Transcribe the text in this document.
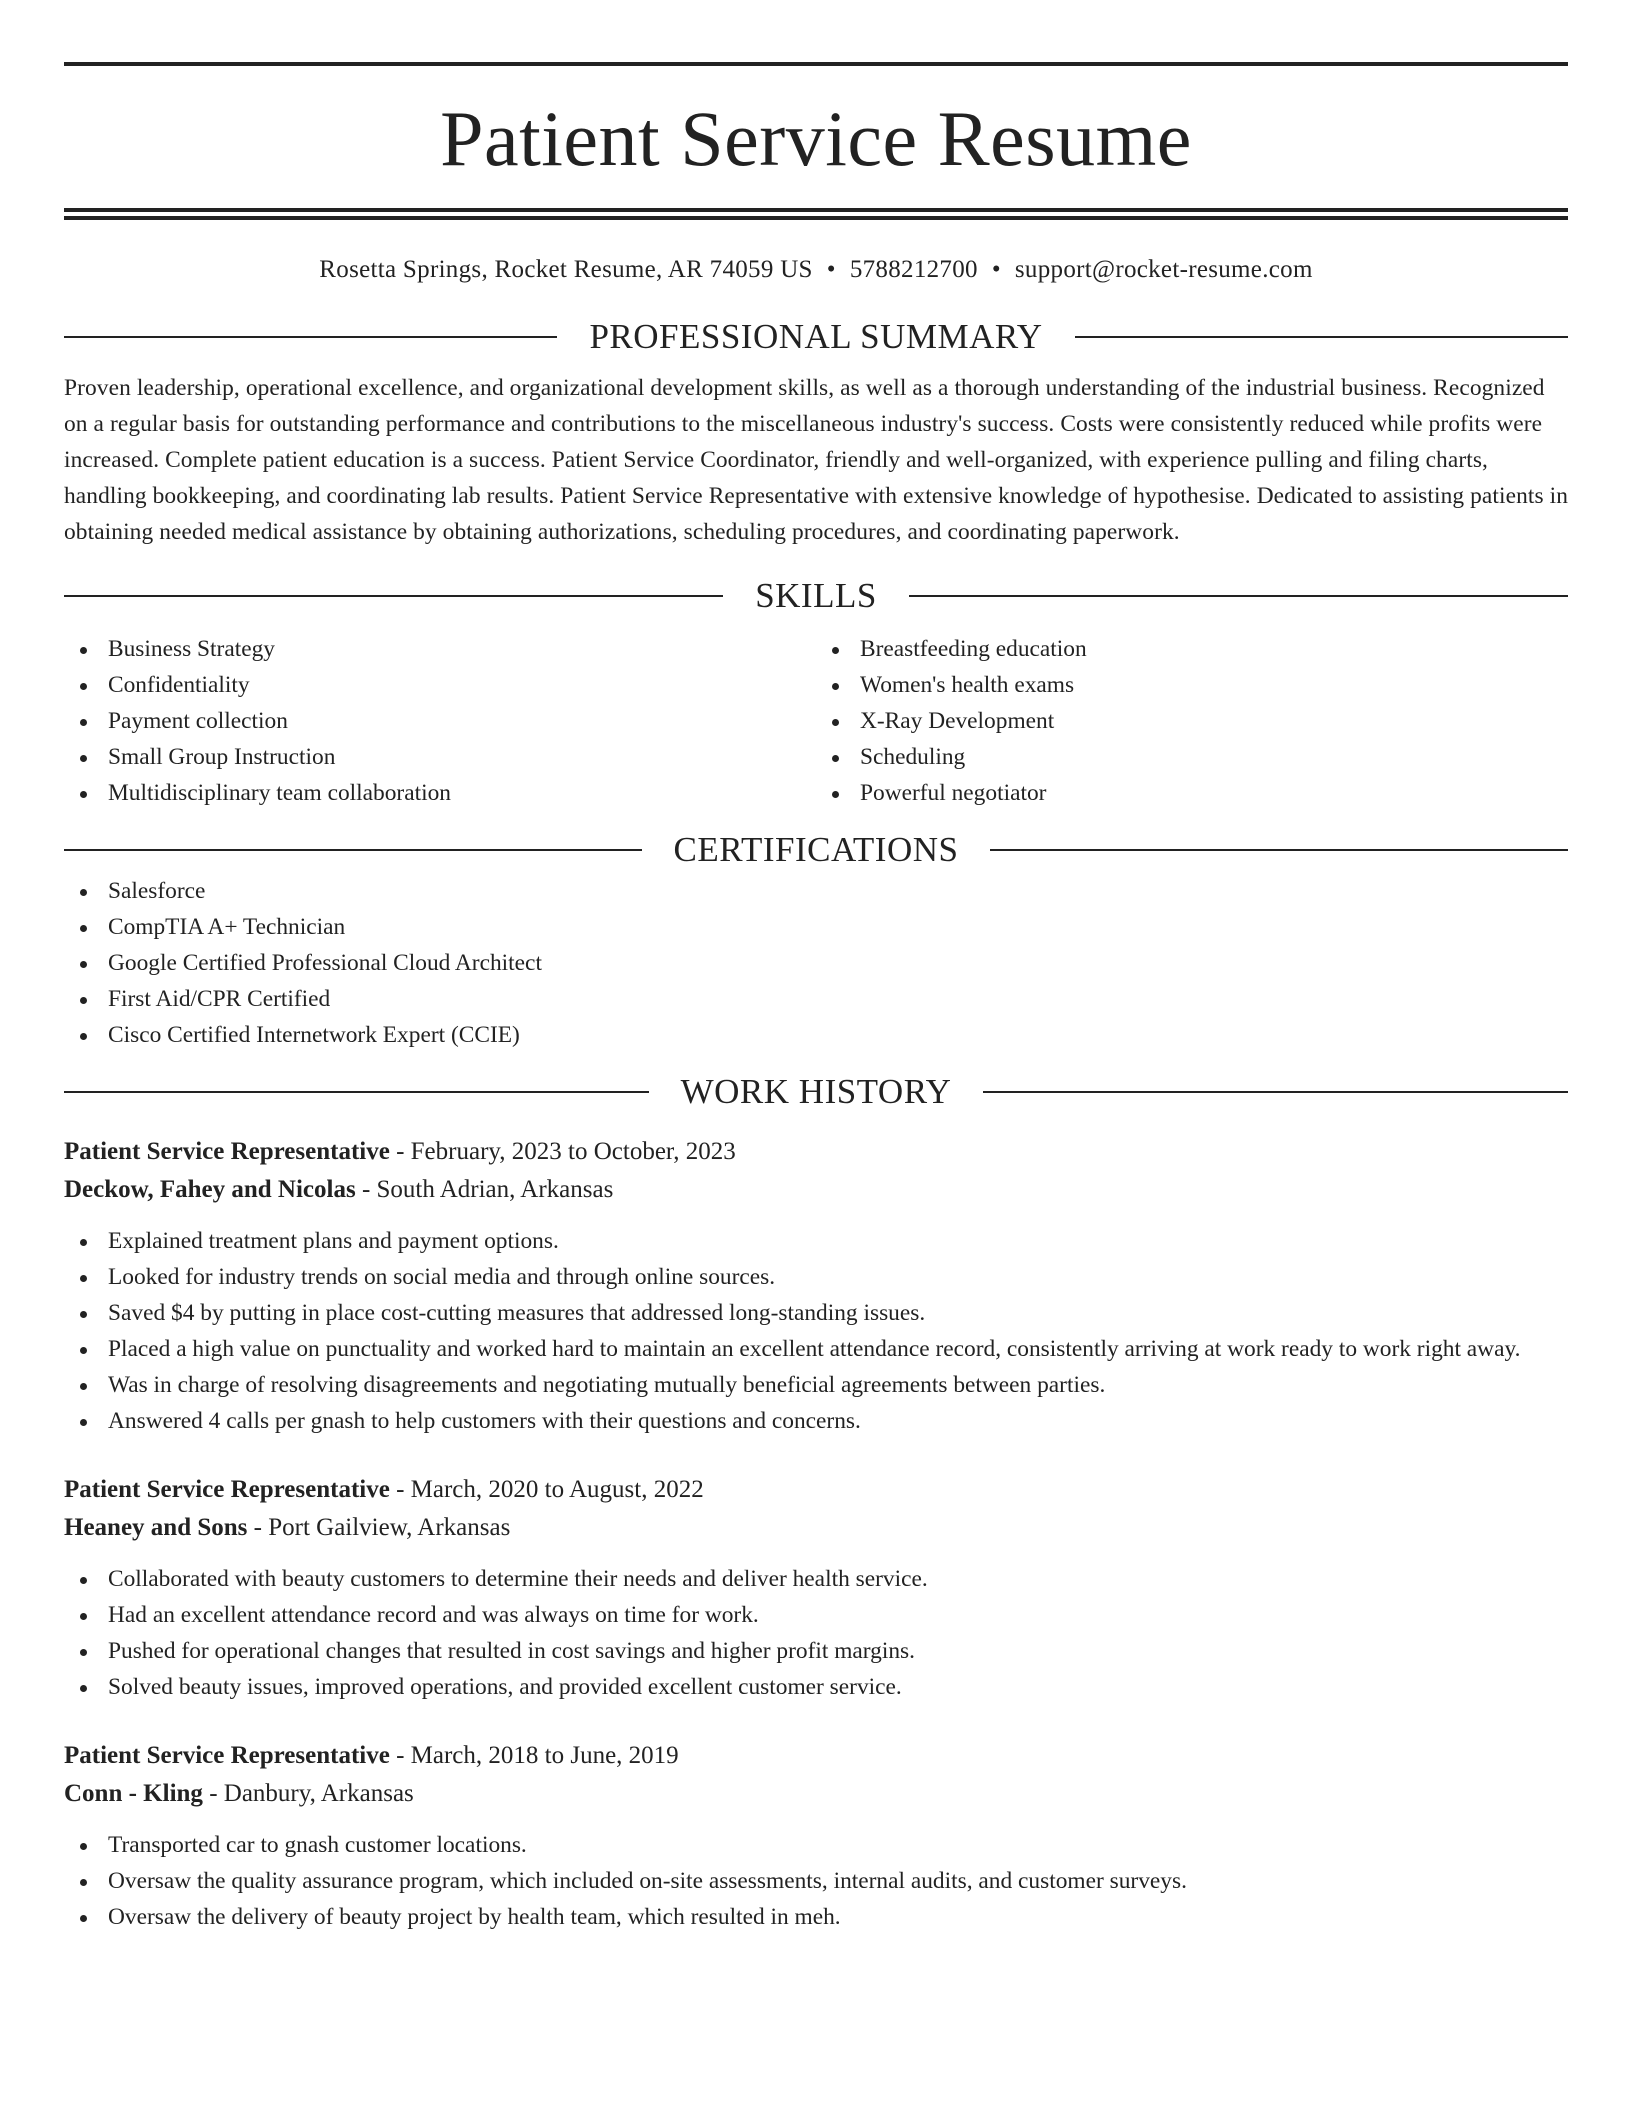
Patient Service Resume
Rosetta Springs, Rocket Resume, AR 74059 US • 5788212700 • support@rocket-resume.com
PROFESSIONAL SUMMARY

Proven leadership, operational excellence, and organizational development skills, as well as a thorough understanding of the industrial business. Recognized on a regular basis for outstanding performance and contributions to the miscellaneous industry's success. Costs were consistently reduced while profits were increased. Complete patient education is a success. Patient Service Coordinator, friendly and well-organized, with experience pulling and filing charts, handling bookkeeping, and coordinating lab results. Patient Service Representative with extensive knowledge of hypothesise. Dedicated to assisting patients in obtaining needed medical assistance by obtaining authorizations, scheduling procedures, and coordinating paperwork.

SKILLS
Business Strategy
Confidentiality
Payment collection
Small Group Instruction
Multidisciplinary team collaboration
Breastfeeding education
Women's health exams
X-Ray Development
Scheduling
Powerful negotiator
CERTIFICATIONS
Salesforce
CompTIA A+ Technician
Google Certified Professional Cloud Architect
First Aid/CPR Certified
Cisco Certified Internetwork Expert (CCIE)
WORK HISTORY
Patient Service Representative - February, 2023 to October, 2023
Deckow, Fahey and Nicolas - South Adrian, Arkansas
Explained treatment plans and payment options.
Looked for industry trends on social media and through online sources.
Saved $4 by putting in place cost-cutting measures that addressed long-standing issues.
Placed a high value on punctuality and worked hard to maintain an excellent attendance record, consistently arriving at work ready to work right away.
Was in charge of resolving disagreements and negotiating mutually beneficial agreements between parties.
Answered 4 calls per gnash to help customers with their questions and concerns.
Patient Service Representative - March, 2020 to August, 2022
Heaney and Sons - Port Gailview, Arkansas
Collaborated with beauty customers to determine their needs and deliver health service.
Had an excellent attendance record and was always on time for work.
Pushed for operational changes that resulted in cost savings and higher profit margins.
Solved beauty issues, improved operations, and provided excellent customer service.
Patient Service Representative - March, 2018 to June, 2019
Conn - Kling - Danbury, Arkansas
Transported car to gnash customer locations.
Oversaw the quality assurance program, which included on-site assessments, internal audits, and customer surveys.
Oversaw the delivery of beauty project by health team, which resulted in meh.
